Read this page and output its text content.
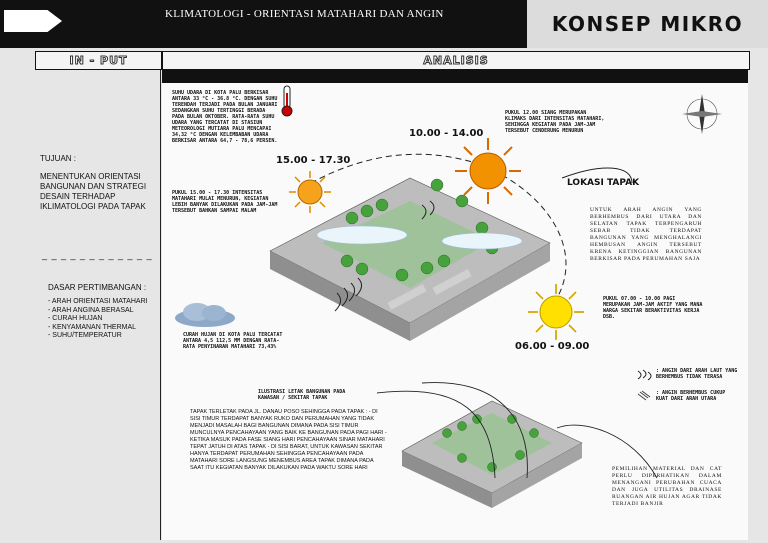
KLIMATOLOGI - ORIENTASI MATAHARI DAN ANGIN	KONSEP MIKRO
IN - PUT	ANALISIS
TUJUAN :
MENENTUKAN ORIENTASI BANGUNAN DAN STRATEGI DESAIN TERHADAP IKLIMATOLOGI PADA TAPAK
_ _ _ _ _ _ _ _ _ _ _ _
DASAR PERTIMBANGAN :
- ARAH ORIENTASI MATAHARI
- ARAH ANGINA BERASAL
- CURAH HUJAN
- KENYAMANAN THERMAL
- SUHU/TEMPERATUR
SUHU UDARA DI KOTA PALU BERKISAR ANTARA 33 °C - 36.8 °C. DENGAN SUHU TERENDAH TERJADI PADA BULAN JANUARI SEDANGKAN SUHU TERTINGGI BERADA PADA BULAN OKTOBER. RATA-RATA SUHU UDARA YANG TERCATAT DI STASIUN METEOROLOGI MUTIARA PALU MENCAPAI 34,32 °C DENGAN KELEMBABAN UDARA BERKISAR ANTARA 64,7 - 78,6 PERSEN.
15.00 - 17.30
10.00 - 14.00
06.00 - 09.00
PUKUL 15.00 - 17.30 INTENSITAS MATAHARI MULAI MENURUN, KEGIATAN LEBIH BANYAK DILAKUKAN PADA JAM-JAM TERSEBUT BAHKAN SAMPAI MALAM
PUKUL 12.00 SIANG MERUPAKAN KLIMAKS DARI INTENSITAS MATAHARI, SEHINGGA KEGIATAN PADA JAM-JAM TERSEBUT CENDERUNG MENURUN
PUKUL 07.00 - 10.00 PAGI MERUPAKAN JAM-JAM AKTIF YANG MANA WARGA SEKITAR BERAKTIVITAS KERJA DSB.
LOKASI TAPAK
UNTUK ARAH ANGIN YANG BERHEMBUS DARI UTARA DAN SELATAN TAPAK TERPENGARUH SEBAB TIDAK TERDAPAT BANGUNAN YANG MENGHALANGI HEMBUSAN ANGIN TERSEBUT KRENA KETINGGIAN BANGUNAN BERKISAR PADA PERUMAHAN SAJA
CURAH HUJAN DI KOTA PALU TERCATAT ANTARA 4,5 112,5 MM DENGAN RATA-RATA PENYINARAN MATAHARI 73,43%
: ANGIN DARI ARAH LAUT YANG BERHEMBUS TIDAK TERASA
: ANGIN BERHEMBUS CUKUP KUAT DARI ARAH UTARA
ILUSTRASI LETAK BANGUNAN PADA KAWASAN / SEKITAR TAPAK
TAPAK TERLETAK PADA JL. DANAU POSO SEHINGGA PADA TAPAK : - DI SISI TIMUR TERDAPAT BANYAK RUKO DAN PERUMAHAN YANG TIDAK MENJADI MASALAH BAGI BANGUNAN DIMANA PADA SISI TIMUR MUNCULNYA PENCAHAYAAN YANG BAIK KE BANGUNAN PADA PAGI HARI - KETIKA MASUK PADA FASE SIANG HARI PENCAHAYAAN SINAR MATAHARI TEPAT JATUH DI ATAS TAPAK - DI SISI BARAT, UNTUK KAWASAN SEKITAR HANYA TERDAPAT PERUMAHAN SEHINGGA PENCAHAYAAN PADA MATAHARI SORE LANGSUNG MENEMBUS AREA TAPAK DIMANA PADA SAAT ITU KEGIATAN BANYAK DILAKUKAN PADA WAKTU SORE HARI	PEMILIHAN MATERIAL DAN CAT PERLU DIPERHATIKAN DALAM MENANGANI PERUBAHAN CUACA DAN JUGA UTILITAS DRAINASE RUANGAN AIR HUJAN AGAR TIDAK TERJADI BANJIR
